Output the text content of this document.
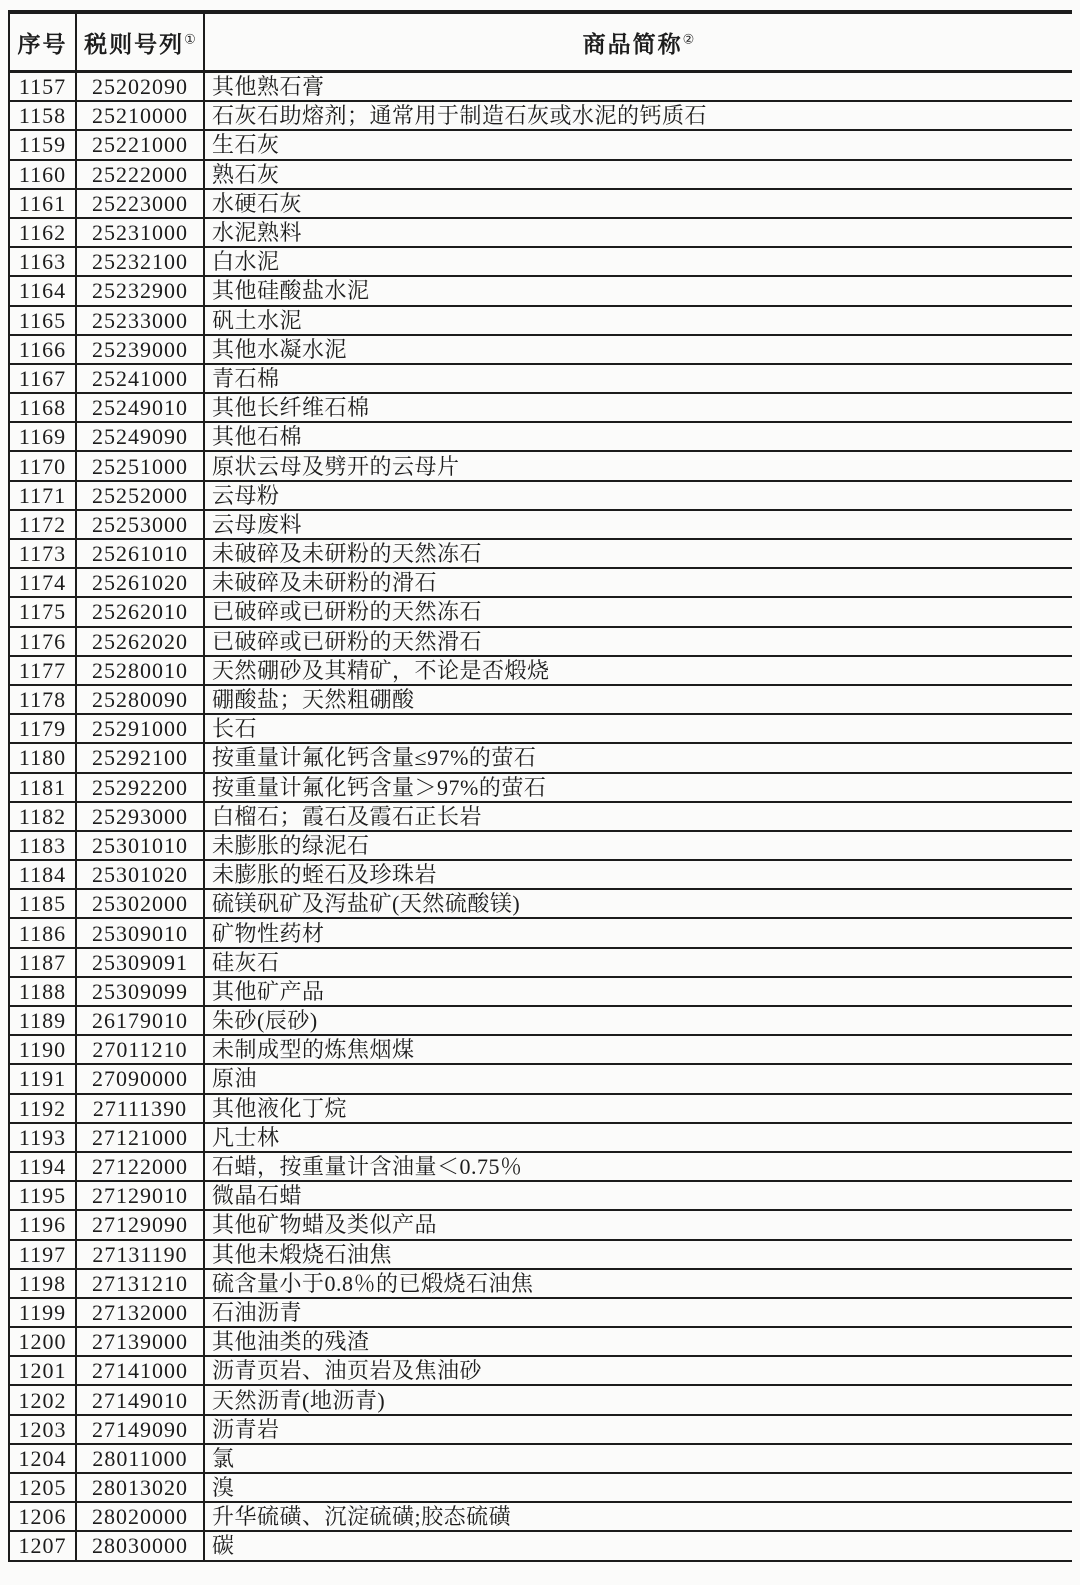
序号	税则号列①	商品简称②
1157	25202090	其他熟石膏
1158	25210000	石灰石助熔剂；通常用于制造石灰或水泥的钙质石
1159	25221000	生石灰
1160	25222000	熟石灰
1161	25223000	水硬石灰
1162	25231000	水泥熟料
1163	25232100	白水泥
1164	25232900	其他硅酸盐水泥
1165	25233000	矾土水泥
1166	25239000	其他水凝水泥
1167	25241000	青石棉
1168	25249010	其他长纤维石棉
1169	25249090	其他石棉
1170	25251000	原状云母及劈开的云母片
1171	25252000	云母粉
1172	25253000	云母废料
1173	25261010	未破碎及未研粉的天然冻石
1174	25261020	未破碎及未研粉的滑石
1175	25262010	已破碎或已研粉的天然冻石
1176	25262020	已破碎或已研粉的天然滑石
1177	25280010	天然硼砂及其精矿，不论是否煅烧
1178	25280090	硼酸盐；天然粗硼酸
1179	25291000	长石
1180	25292100	按重量计氟化钙含量≤97%的萤石
1181	25292200	按重量计氟化钙含量＞97%的萤石
1182	25293000	白榴石；霞石及霞石正长岩
1183	25301010	未膨胀的绿泥石
1184	25301020	未膨胀的蛭石及珍珠岩
1185	25302000	硫镁矾矿及泻盐矿(天然硫酸镁)
1186	25309010	矿物性药材
1187	25309091	硅灰石
1188	25309099	其他矿产品
1189	26179010	朱砂(辰砂)
1190	27011210	未制成型的炼焦烟煤
1191	27090000	原油
1192	27111390	其他液化丁烷
1193	27121000	凡士林
1194	27122000	石蜡，按重量计含油量＜0.75％
1195	27129010	微晶石蜡
1196	27129090	其他矿物蜡及类似产品
1197	27131190	其他未煅烧石油焦
1198	27131210	硫含量小于0.8％的已煅烧石油焦
1199	27132000	石油沥青
1200	27139000	其他油类的残渣
1201	27141000	沥青页岩、油页岩及焦油砂
1202	27149010	天然沥青(地沥青)
1203	27149090	沥青岩
1204	28011000	氯
1205	28013020	溴
1206	28020000	升华硫磺、沉淀硫磺;胶态硫磺
1207	28030000	碳
